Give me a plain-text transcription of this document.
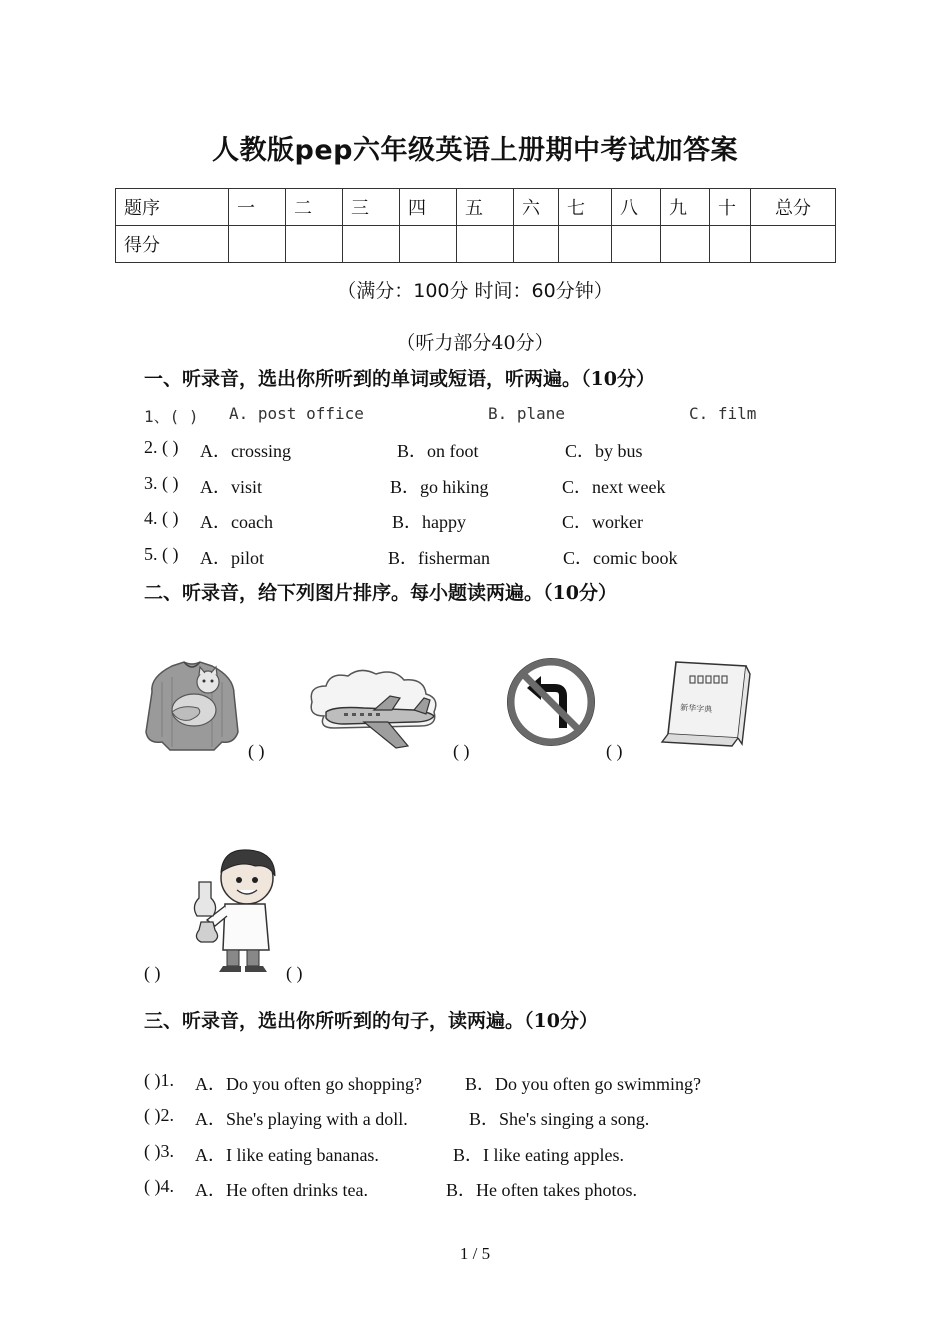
人教版pep六年级英语上册期中考试加答案
题序	一	二	三	四	五	六	七	八	九	十	总分
得分											
（满分：100分 时间：60分钟）
（听力部分40分）
一、听录音，选出你所听到的单词或短语，听两遍。（10分）
1、( ) A. post office	B. plane	C. film
2. ( ) A．crossing	B．on foot	C．by bus
3. ( ) A．visit	B．go hiking	C．next week
4. ( ) A．coach	B．happy	C．worker
5. ( ) A．pilot	B．fisherman	C．comic book
二、听录音，给下列图片排序。每小题读两遍。（10分）
( )	( )	( )
新华字典
( )	( )
三、听录音，选出你所听到的句子，读两遍。（10分）
( )1. A．Do you often go shopping? B．Do you often go swimming?
( )2. A．She's playing with a doll.	B．She's singing a song.
( )3. A．I like eating bananas.	B．I like eating apples.
( )4. A．He often drinks tea.	B．He often takes photos.
1 / 5
